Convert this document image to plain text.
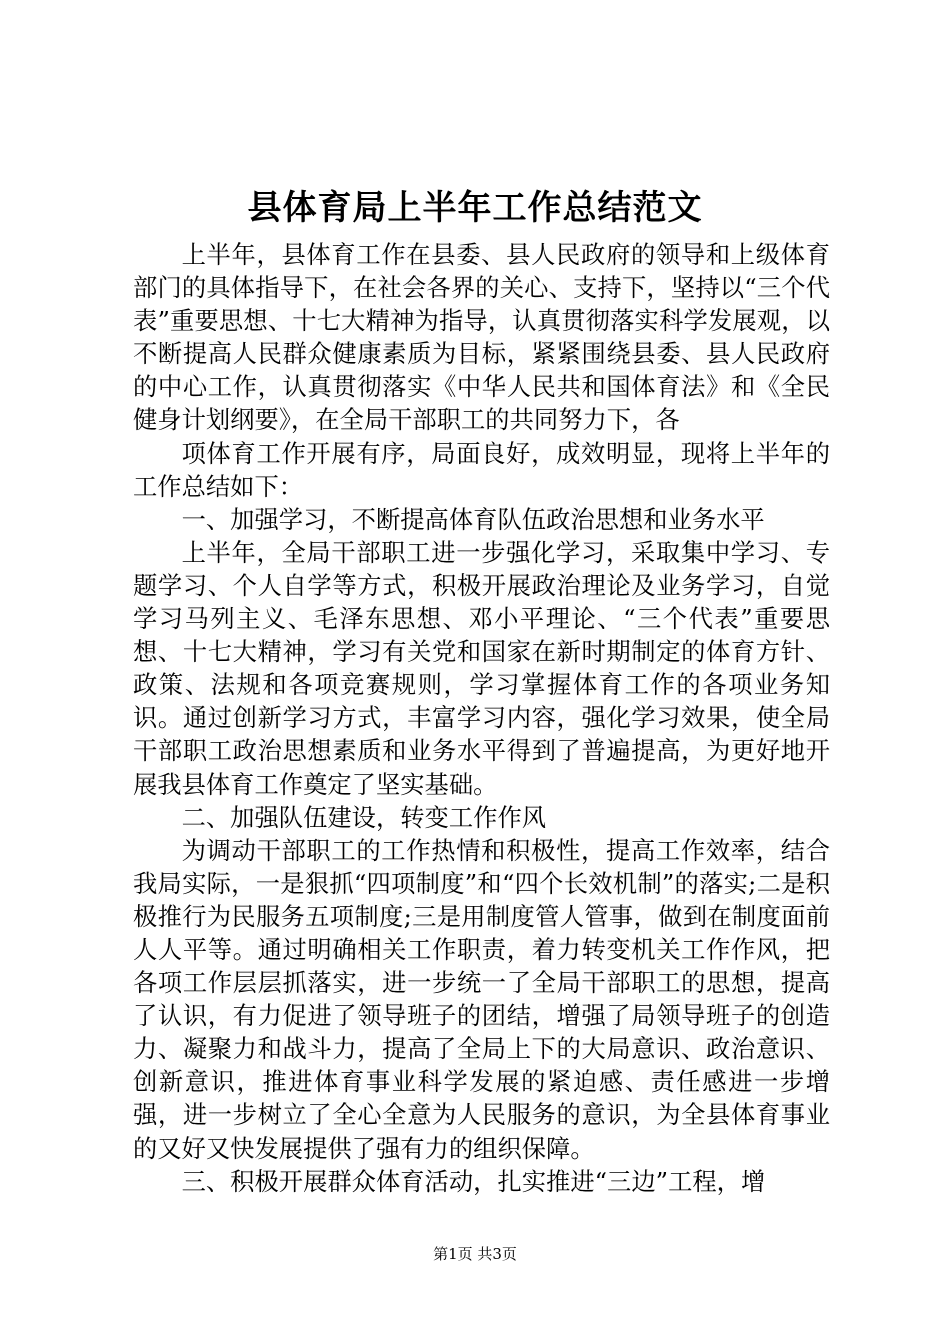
县体育局上半年工作总结范文

上半年，县体育工作在县委、县人民政府的领导和上级体育部门的具体指导下，在社会各界的关心、支持下，坚持以“三个代表”重要思想、十七大精神为指导，认真贯彻落实科学发展观，以不断提高人民群众健康素质为目标，紧紧围绕县委、县人民政府的中心工作，认真贯彻落实《中华人民共和国体育法》和《全民健身计划纲要》，在全局干部职工的共同努力下，各

项体育工作开展有序，局面良好，成效明显，现将上半年的工作总结如下：

一、加强学习，不断提高体育队伍政治思想和业务水平

上半年，全局干部职工进一步强化学习，采取集中学习、专题学习、个人自学等方式，积极开展政治理论及业务学习，自觉学习马列主义、毛泽东思想、邓小平理论、“三个代表”重要思想、十七大精神，学习有关党和国家在新时期制定的体育方针、政策、法规和各项竞赛规则，学习掌握体育工作的各项业务知识。通过创新学习方式，丰富学习内容，强化学习效果，使全局干部职工政治思想素质和业务水平得到了普遍提高，为更好地开展我县体育工作奠定了坚实基础。

二、加强队伍建设，转变工作作风

为调动干部职工的工作热情和积极性，提高工作效率，结合我局实际，一是狠抓“四项制度”和“四个长效机制”的落实;二是积极推行为民服务五项制度;三是用制度管人管事，做到在制度面前人人平等。通过明确相关工作职责，着力转变机关工作作风，把各项工作层层抓落实，进一步统一了全局干部职工的思想，提高了认识，有力促进了领导班子的团结，增强了局领导班子的创造力、凝聚力和战斗力，提高了全局上下的大局意识、政治意识、创新意识，推进体育事业科学发展的紧迫感、责任感进一步增强，进一步树立了全心全意为人民服务的意识，为全县体育事业的又好又快发展提供了强有力的组织保障。

三、积极开展群众体育活动，扎实推进“三边”工程，增

第1页 共3页
